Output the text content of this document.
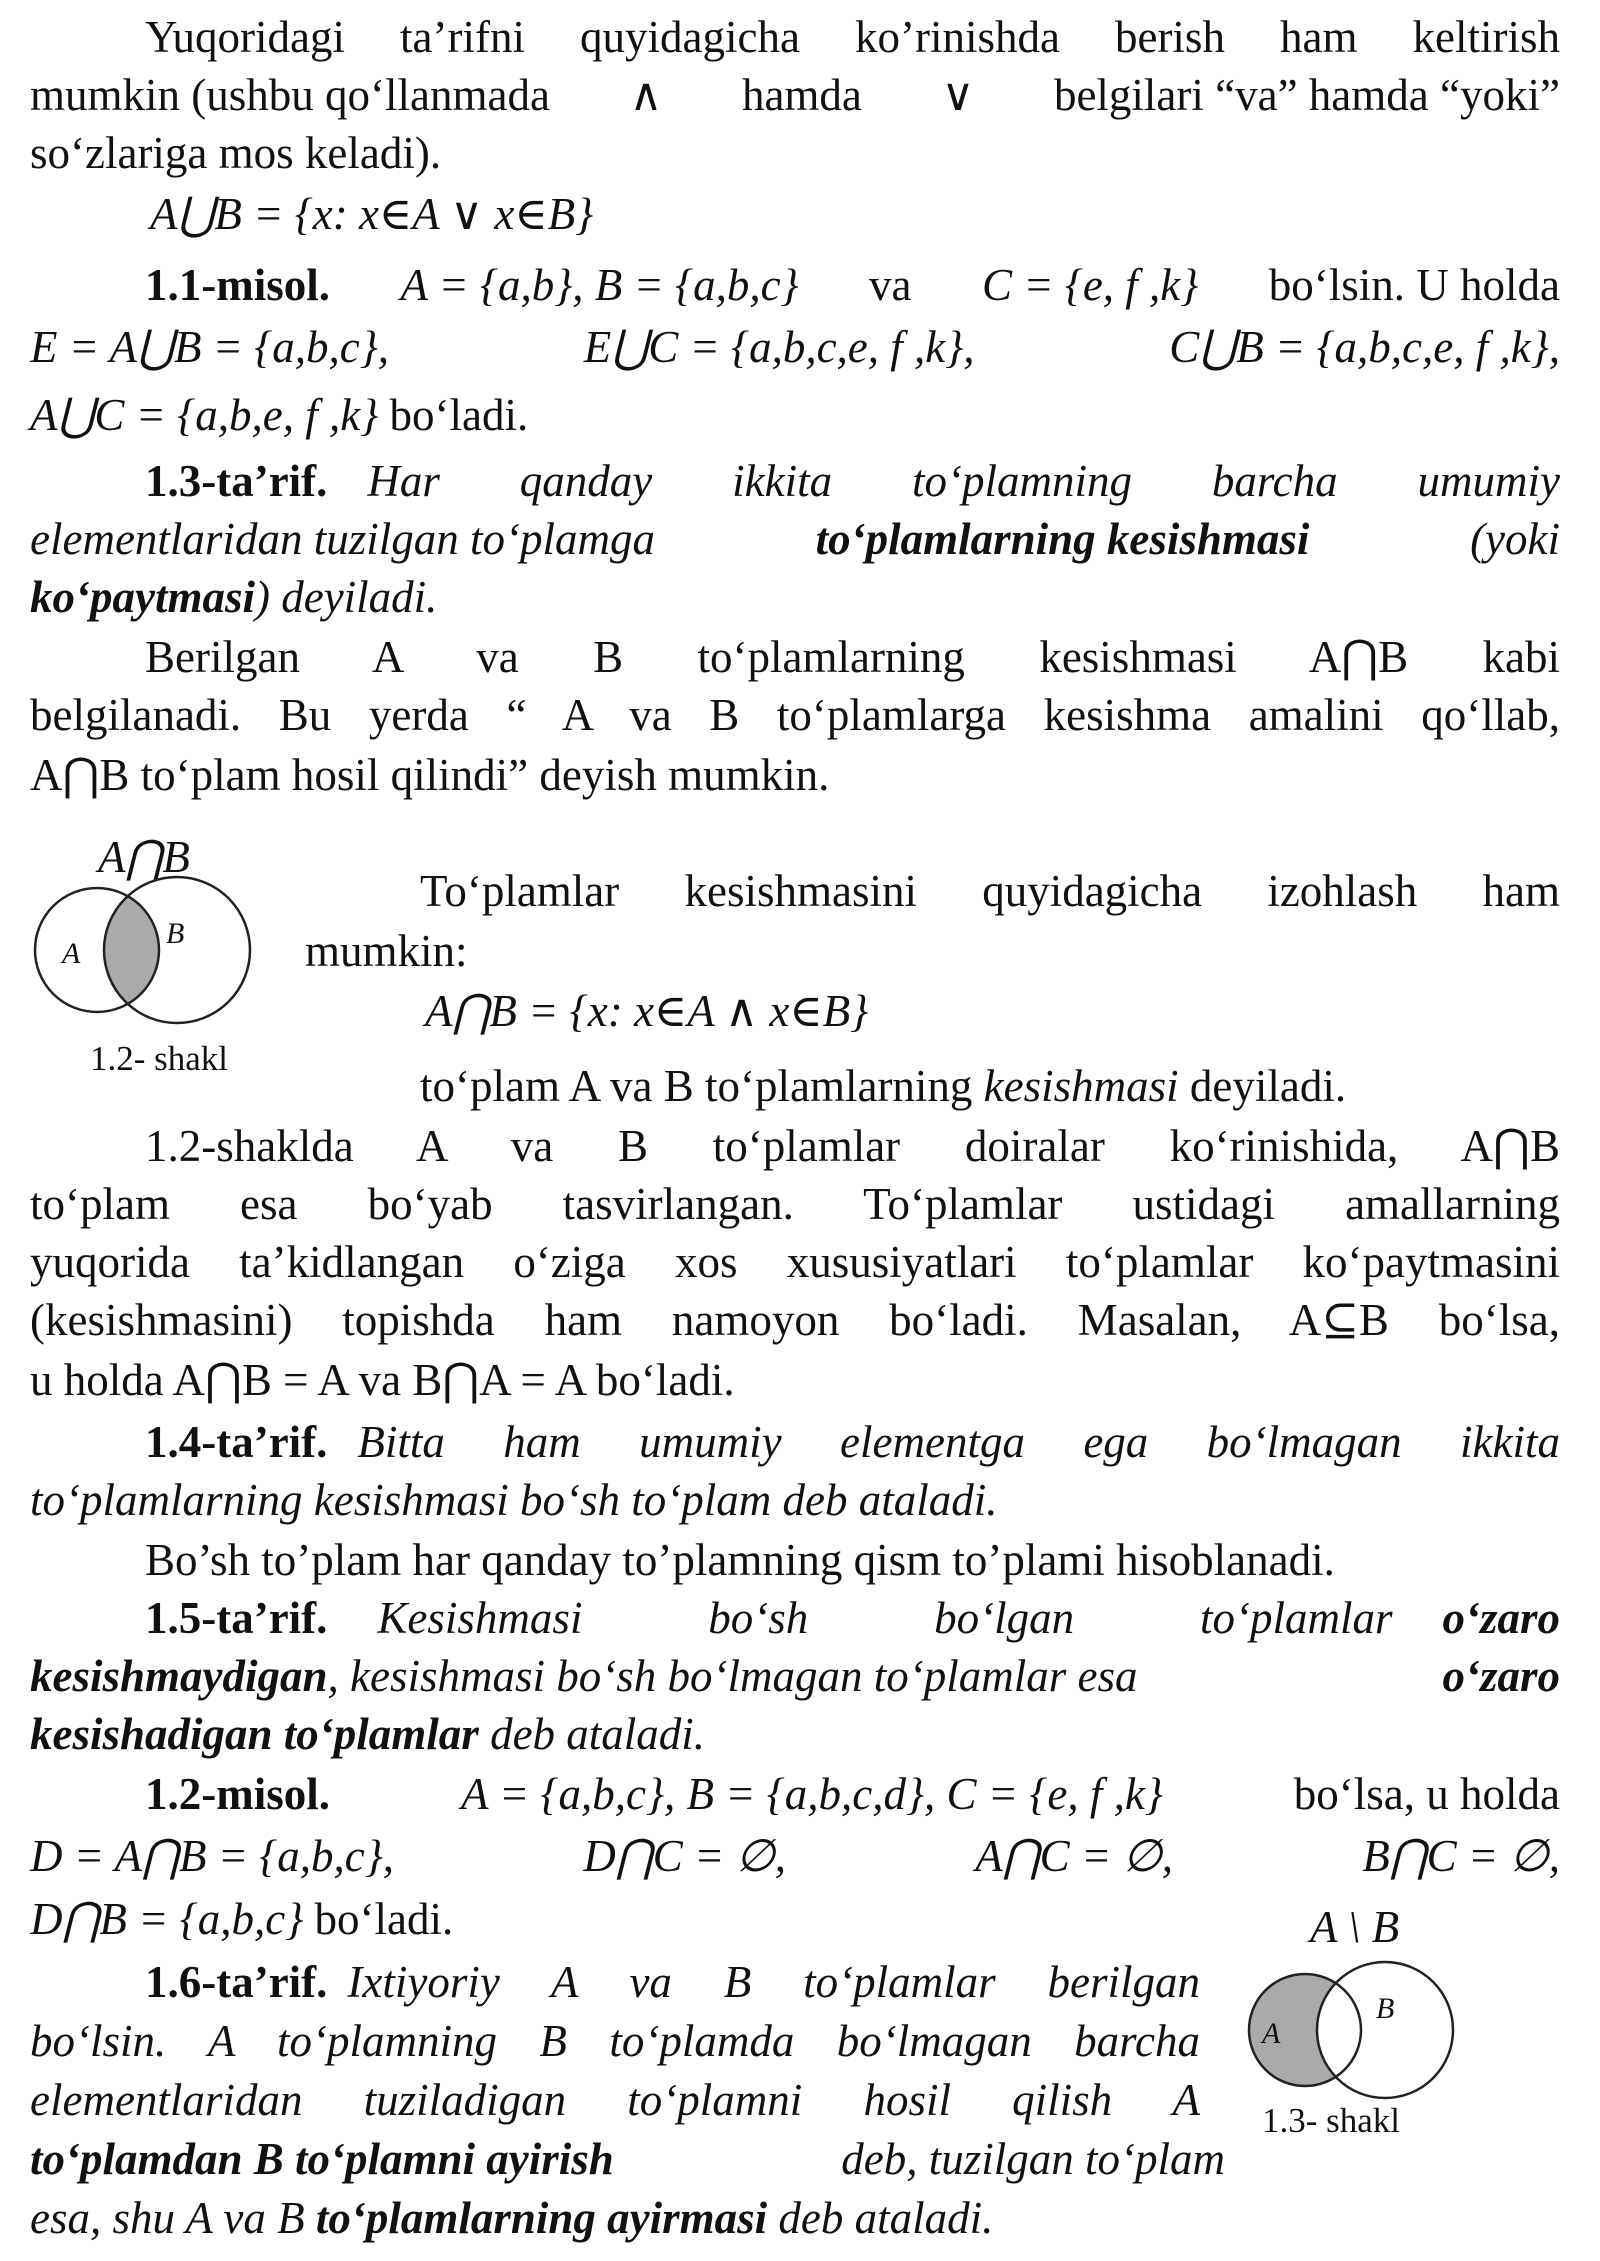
Yuqoridagi ta’rifni quyidagicha ko’rinishda berish ham keltirish
mumkin (ushbu qo‘llanmada ∧ hamda ∨ belgilari “va” hamda “yoki”
so‘zlariga mos keladi).
A⋃B = {x: x∈A ∨ x∈B}
1.1-misol. A = {a,b}, B = {a,b,c} va C = {e, f ,k} bo‘lsin. U holda
E = A⋃B = {a,b,c},	E⋃C = {a,b,c,e, f ,k},	C⋃B = {a,b,c,e, f ,k},
A⋃C = {a,b,e, f ,k} bo‘ladi.
1.3-ta’rif. Har qanday ikkita to‘plamning barcha umumiy
elementlaridan tuzilgan to‘plamga	to‘plamlarning kesishmasi	(yoki
ko‘paytmasi) deyiladi.
Berilgan A va B to‘plamlarning kesishmasi A⋂B kabi
belgilanadi. Bu yerda “ A va B to‘plamlarga kesishma amalini qo‘llab,
A⋂B to‘plam hosil qilindi” deyish mumkin.
A⋂B
A
B
1.2- shakl
To‘plamlar kesishmasini quyidagicha izohlash ham
mumkin:
A⋂B = {x: x∈A ∧ x∈B}
to‘plam A va B to‘plamlarning kesishmasi deyiladi.
1.2-shaklda A va B to‘plamlar doiralar ko‘rinishida, A⋂B
to‘plam esa bo‘yab tasvirlangan. To‘plamlar ustidagi amallarning
yuqorida ta’kidlangan o‘ziga xos xususiyatlari to‘plamlar ko‘paytmasini
(kesishmasini) topishda ham namoyon bo‘ladi. Masalan, A⊆B bo‘lsa,
u holda A⋂B = A va B⋂A = A bo‘ladi.
1.4-ta’rif. Bitta ham umumiy elementga ega bo‘lmagan ikkita
to‘plamlarning kesishmasi bo‘sh to‘plam deb ataladi.
Bo’sh to’plam har qanday to’plamning qism to’plami hisoblanadi.
1.5-ta’rif. Kesishmasi bo‘sh bo‘lgan to‘plamlar o‘zaro
kesishmaydigan, kesishmasi bo‘sh bo‘lmagan to‘plamlar esa	o‘zaro
kesishadigan to‘plamlar deb ataladi.
1.2-misol.	A = {a,b,c}, B = {a,b,c,d}, C = {e, f ,k}	bo‘lsa, u holda
D = A⋂B = {a,b,c},	D⋂C = ∅,	A⋂C = ∅,	B⋂C = ∅,
D⋂B = {a,b,c} bo‘ladi.
1.6-ta’rif. Ixtiyoriy A va B to‘plamlar berilgan
bo‘lsin. A to‘plamning B to‘plamda bo‘lmagan barcha
elementlaridan tuziladigan to‘plamni hosil qilish A
to‘plamdan B to‘plamni ayirish	deb, tuzilgan to‘plam
esa, shu A va B to‘plamlarning ayirmasi deb ataladi.
A \ B
A
B
1.3- shakl
